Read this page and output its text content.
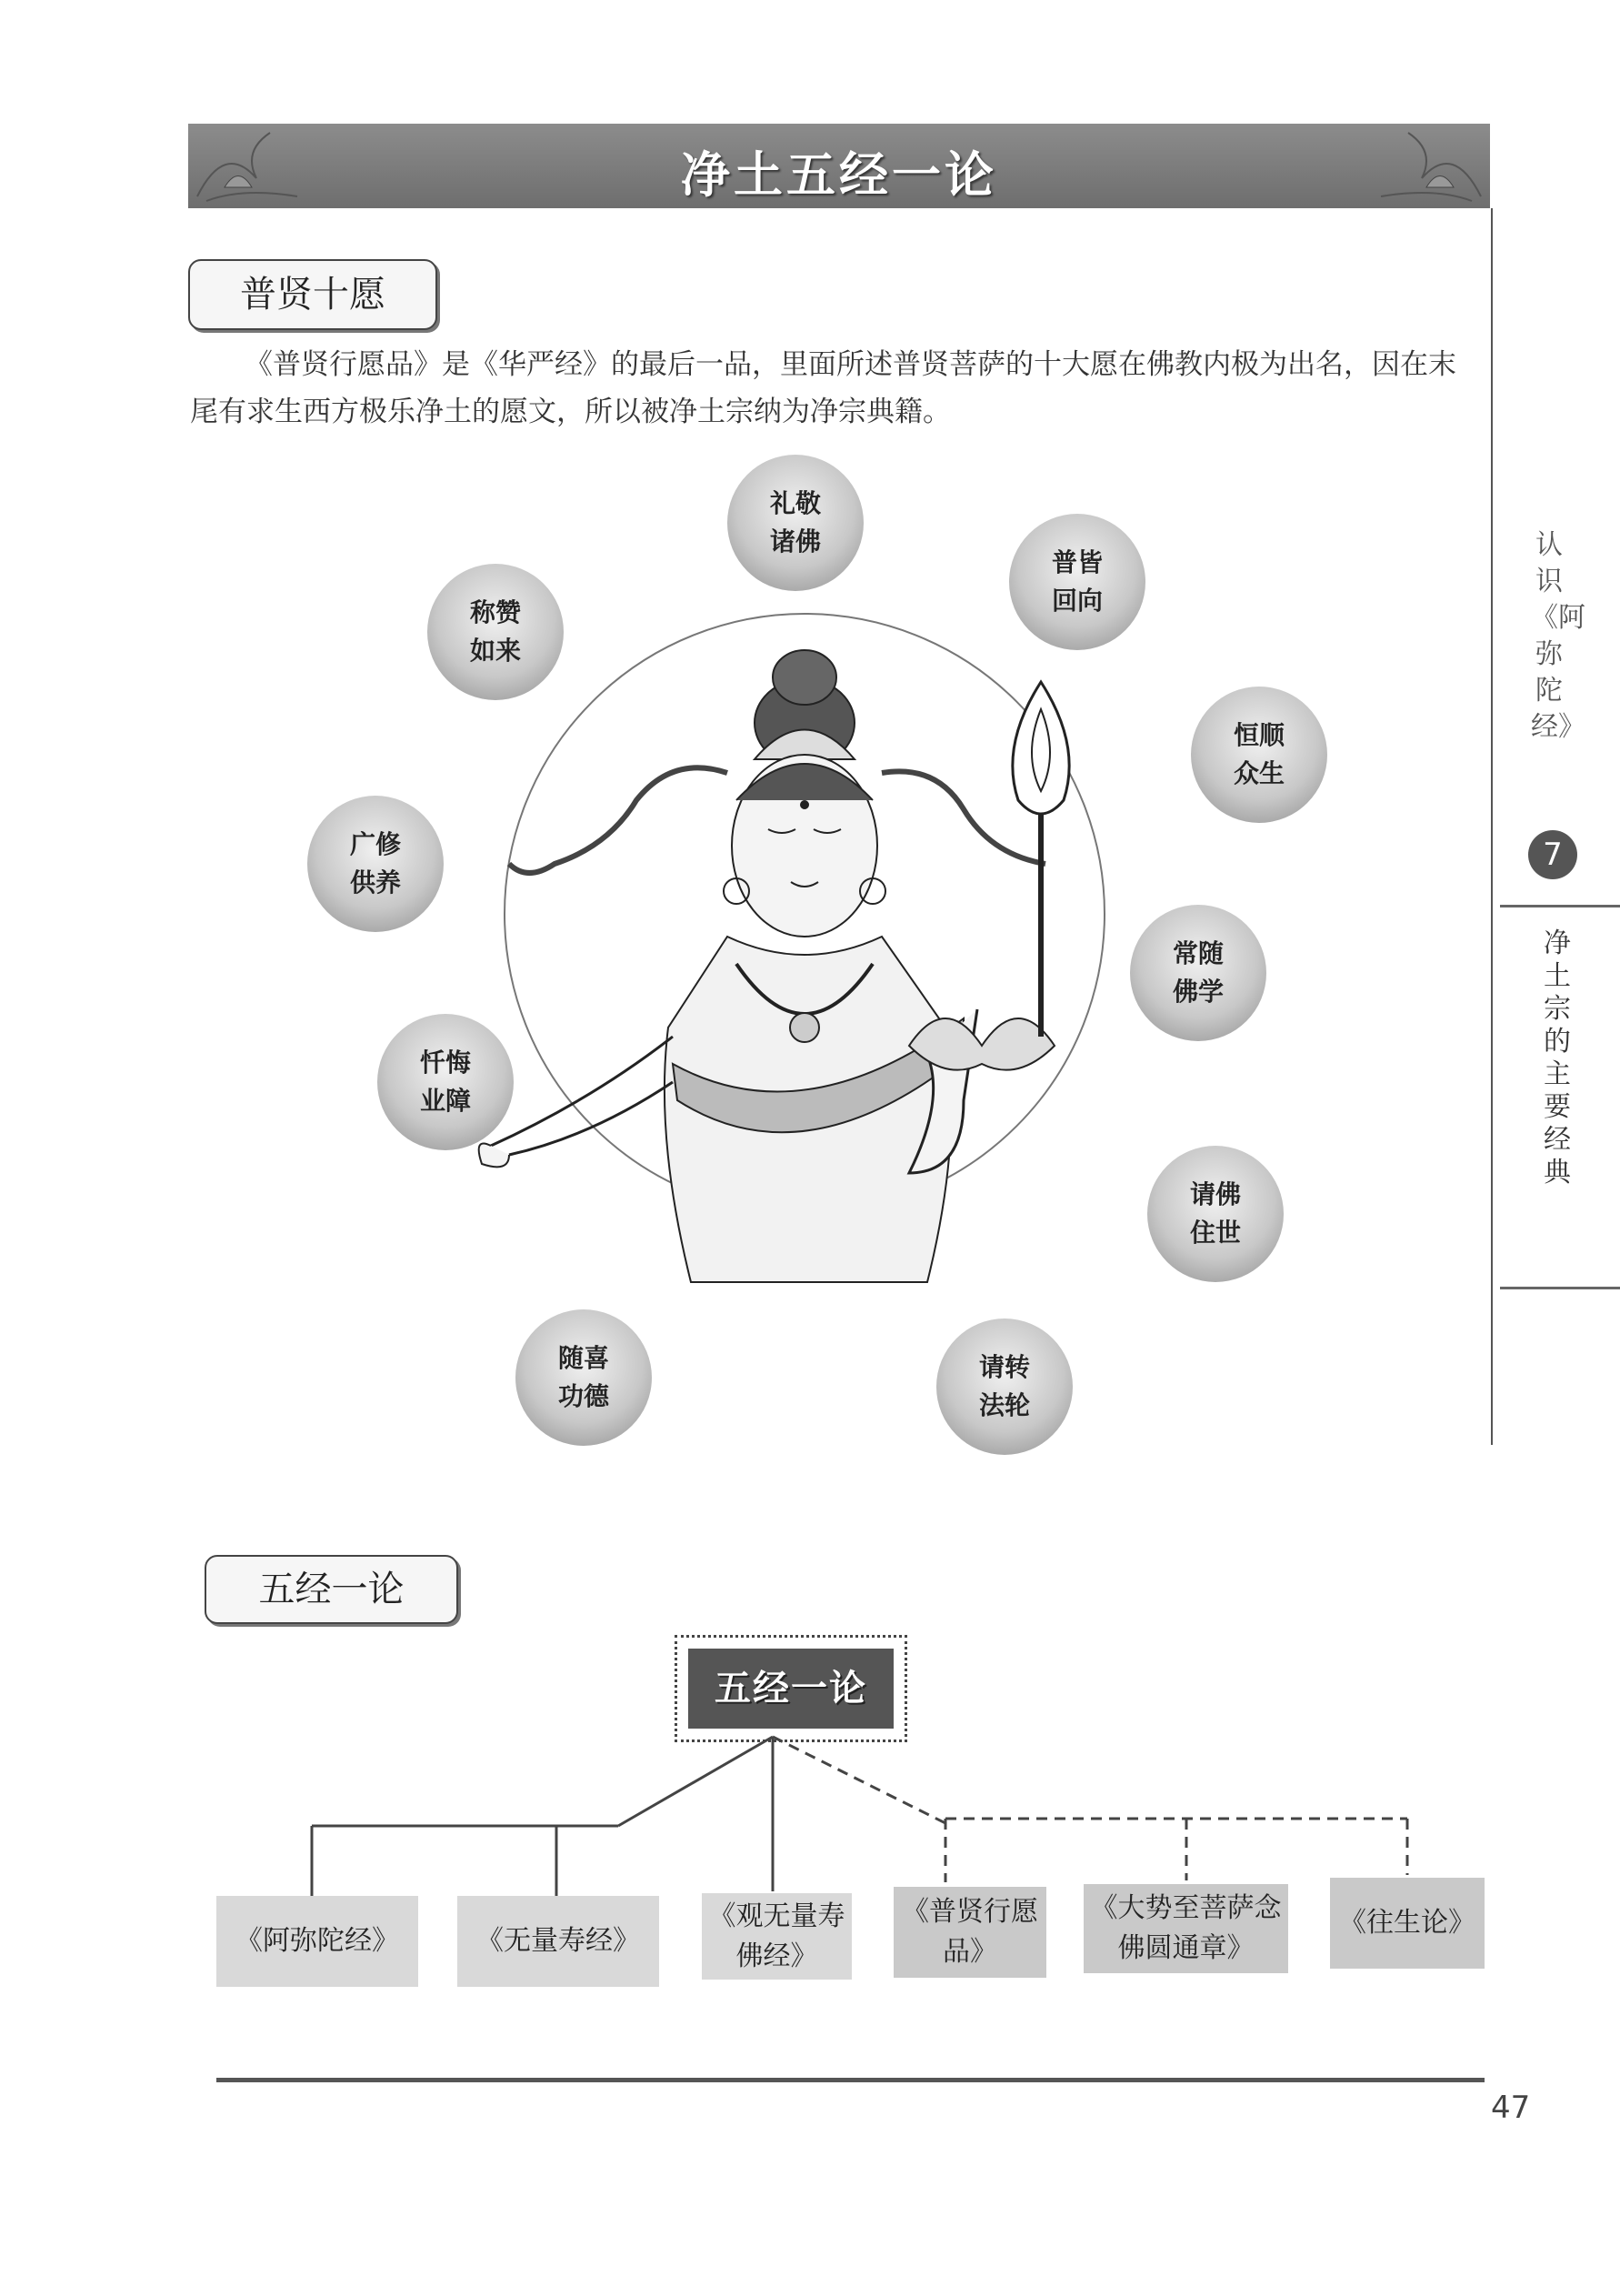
净土五经一论
认识《阿弥陀经》
7
净土宗的主要经典
普贤十愿

《普贤行愿品》是《华严经》的最后一品，里面所述普贤菩萨的十大愿在佛教内极为出名，因在末尾有求生西方极乐净土的愿文，所以被净土宗纳为净宗典籍。

礼敬诸佛
普皆回向
称赞如来
恒顺众生
广修供养
常随佛学
忏悔业障
请佛住世
随喜功德
请转法轮
五经一论
五经一论
《阿弥陀经》	《无量寿经》
《观无量寿佛经》
《普贤行愿品》
《大势至菩萨念佛圆通章》
《往生论》
47
